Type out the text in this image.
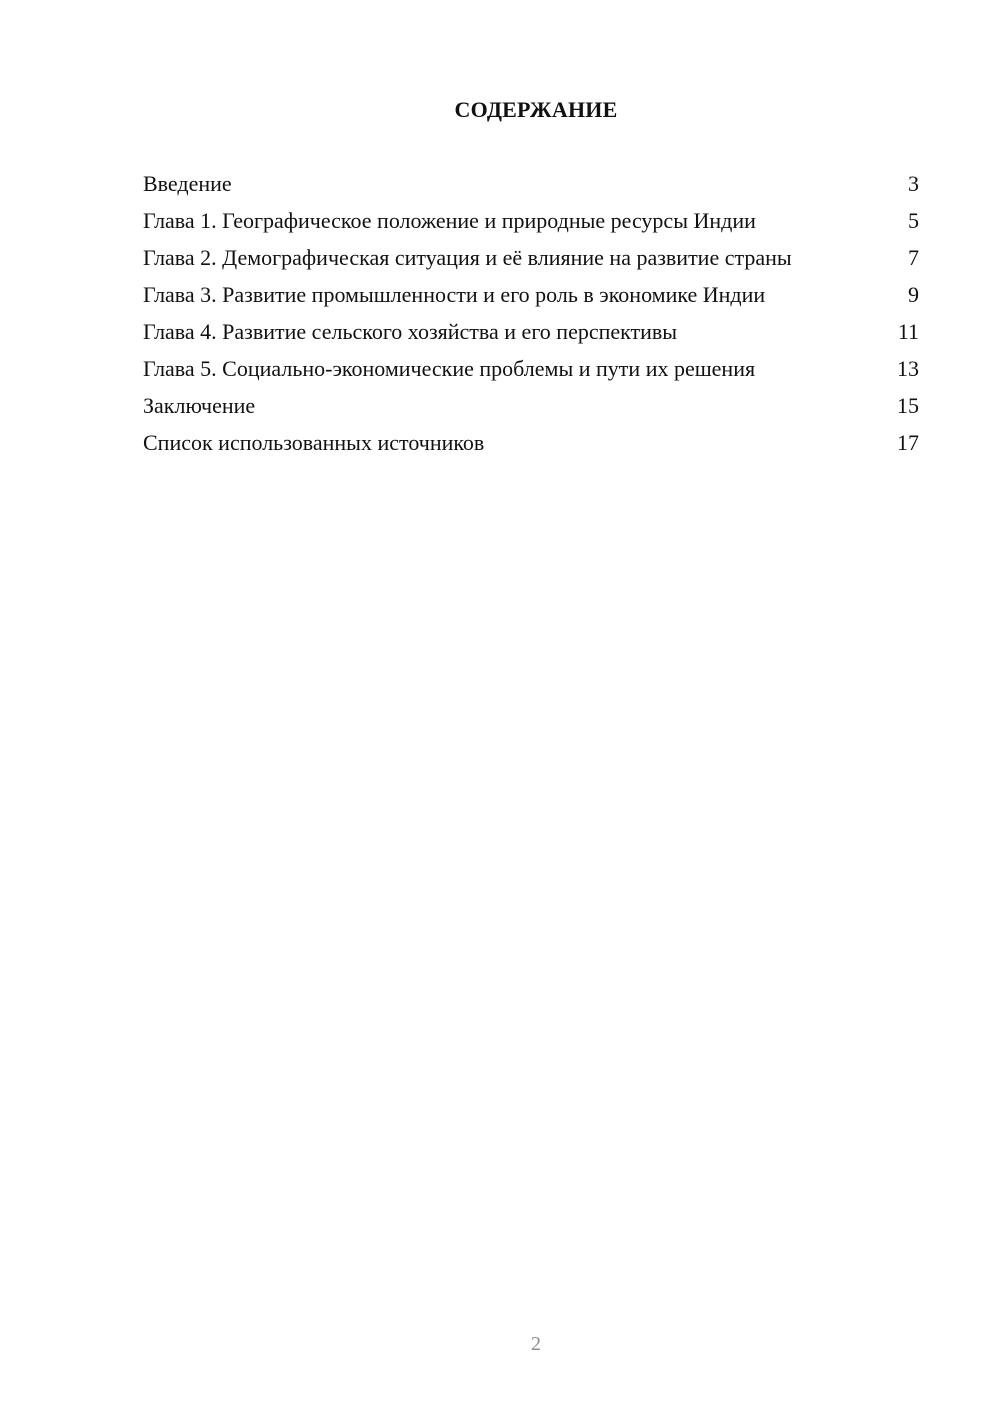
СОДЕРЖАНИЕ
Введение	3
Глава 1. Географическое положение и природные ресурсы Индии	5
Глава 2. Демографическая ситуация и её влияние на развитие страны	7
Глава 3. Развитие промышленности и его роль в экономике Индии	9
Глава 4. Развитие сельского хозяйства и его перспективы	11
Глава 5. Социально-экономические проблемы и пути их решения	13
Заключение	15
Список использованных источников	17
2
